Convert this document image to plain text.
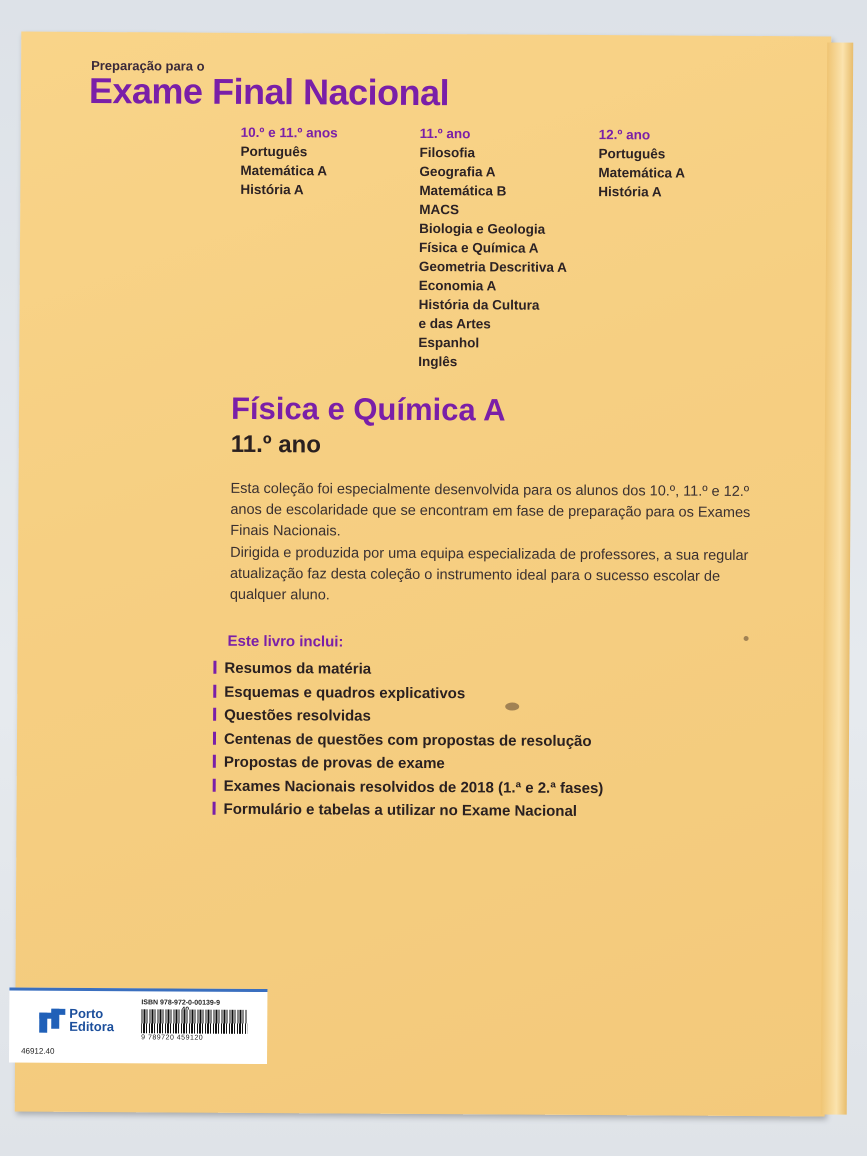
Preparação para o
Exame Final Nacional
10.º e 11.º anos
Português
Matemática A
História A
11.º ano
Filosofia
Geografia A
Matemática B
MACS
Biologia e Geologia
Física e Química A
Geometria Descritiva A
Economia A
História da Cultura
e das Artes
Espanhol
Inglês
12.º ano
Português
Matemática A
História A
Física e Química A
11.º ano
Esta coleção foi especialmente desenvolvida para os alunos dos 10.º, 11.º e 12.º anos de escolaridade que se encontram em fase de preparação para os Exames Finais Nacionais.
Dirigida e produzida por uma equipa especializada de professores, a sua regular atualização faz desta coleção o instrumento ideal para o sucesso escolar de qualquer aluno.
Este livro inclui:
Resumos da matéria
Esquemas e quadros explicativos
Questões resolvidas
Centenas de questões com propostas de resolução
Propostas de provas de exame
Exames Nacionais resolvidos de 2018 (1.ª e 2.ª fases)
Formulário e tabelas a utilizar no Exame Nacional
Porto
Editora
ISBN 978-972-0-00139-9
9 789720 459120
46912.40
